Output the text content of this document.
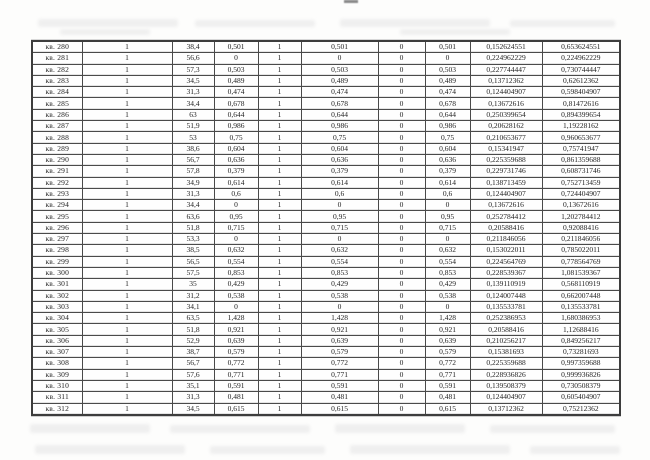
кв. 280	1	38,4	0,501	1	0,501	0	0,501	0,152624551	0,653624551
кв. 281	1	56,6	0	1	0	0	0	0,224962229	0,224962229
кв. 282	1	57,3	0,503	1	0,503	0	0,503	0,227744447	0,730744447
кв. 283	1	34,5	0,489	1	0,489	0	0,489	0,13712362	0,62612362
кв. 284	1	31,3	0,474	1	0,474	0	0,474	0,124404907	0,598404907
кв. 285	1	34,4	0,678	1	0,678	0	0,678	0,13672616	0,81472616
кв. 286	1	63	0,644	1	0,644	0	0,644	0,250399654	0,894399654
кв. 287	1	51,9	0,986	1	0,986	0	0,986	0,20628162	1,19228162
кв. 288	1	53	0,75	1	0,75	0	0,75	0,210653677	0,960653677
кв. 289	1	38,6	0,604	1	0,604	0	0,604	0,15341947	0,75741947
кв. 290	1	56,7	0,636	1	0,636	0	0,636	0,225359688	0,861359688
кв. 291	1	57,8	0,379	1	0,379	0	0,379	0,229731746	0,608731746
кв. 292	1	34,9	0,614	1	0,614	0	0,614	0,138713459	0,752713459
кв. 293	1	31,3	0,6	1	0,6	0	0,6	0,124404907	0,724404907
кв. 294	1	34,4	0	1	0	0	0	0,13672616	0,13672616
кв. 295	1	63,6	0,95	1	0,95	0	0,95	0,252784412	1,202784412
кв. 296	1	51,8	0,715	1	0,715	0	0,715	0,20588416	0,92088416
кв. 297	1	53,3	0	1	0	0	0	0,211846056	0,211846056
кв. 298	1	38,5	0,632	1	0,632	0	0,632	0,153022011	0,785022011
кв. 299	1	56,5	0,554	1	0,554	0	0,554	0,224564769	0,778564769
кв. 300	1	57,5	0,853	1	0,853	0	0,853	0,228539367	1,081539367
кв. 301	1	35	0,429	1	0,429	0	0,429	0,139110919	0,568110919
кв. 302	1	31,2	0,538	1	0,538	0	0,538	0,124007448	0,662007448
кв. 303	1	34,1	0	1	0	0	0	0,135533781	0,135533781
кв. 304	1	63,5	1,428	1	1,428	0	1,428	0,252386953	1,680386953
кв. 305	1	51,8	0,921	1	0,921	0	0,921	0,20588416	1,12688416
кв. 306	1	52,9	0,639	1	0,639	0	0,639	0,210256217	0,849256217
кв. 307	1	38,7	0,579	1	0,579	0	0,579	0,15381693	0,73281693
кв. 308	1	56,7	0,772	1	0,772	0	0,772	0,225359688	0,997359688
кв. 309	1	57,6	0,771	1	0,771	0	0,771	0,228936826	0,999936826
кв. 310	1	35,1	0,591	1	0,591	0	0,591	0,139508379	0,730508379
кв. 311	1	31,3	0,481	1	0,481	0	0,481	0,124404907	0,605404907
кв. 312	1	34,5	0,615	1	0,615	0	0,615	0,13712362	0,75212362
